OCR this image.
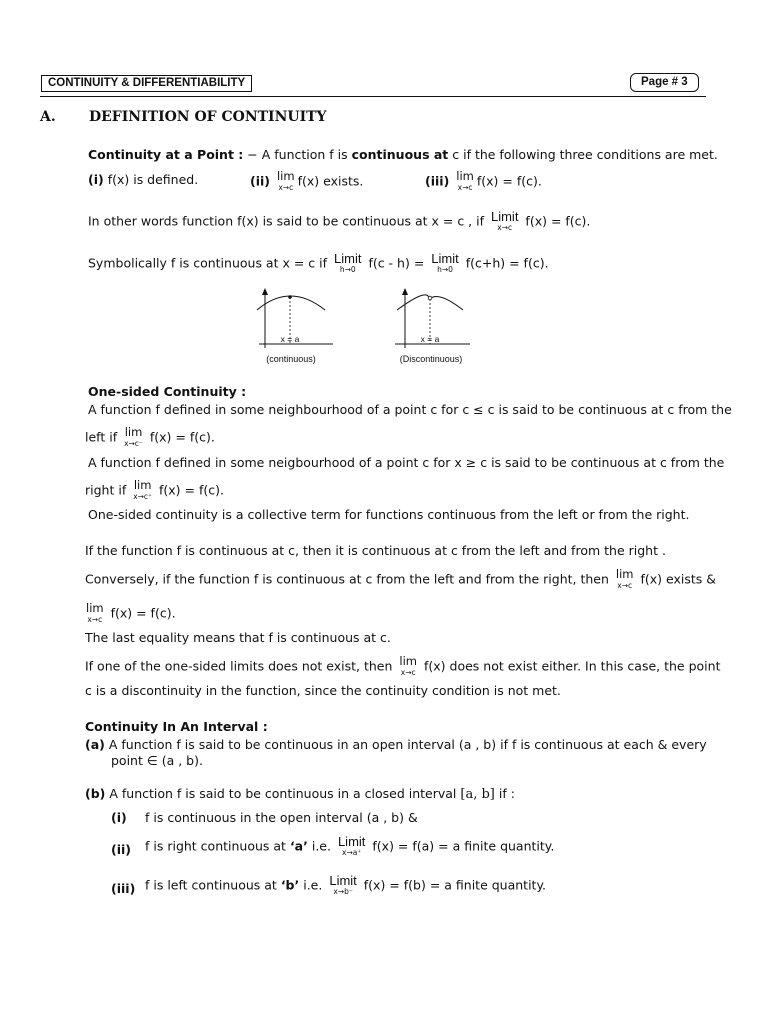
CONTINUITY & DIFFERENTIABILITY	Page # 3
A. DEFINITION OF CONTINUITY
Continuity at a Point : − A function f is continuous at c if the following three conditions are met.
(i) f(x) is defined.	(ii) lim
x→c f(x) exists.	(iii) lim
x→c f(x) = f(c).
In other words function f(x) is said to be continuous at x = c , if Limit
x→c	f(x) = f(c).
Symbolically f is continuous at x = c if Limit
h→0	f(c - h) = Limit
h→0	f(c+h) = f(c).
x = a
(continuous)
x = a
(Discontinuous)
One-sided Continuity :
A function f defined in some neighbourhood of a point c for c ≤ c is said to be continuous at c from the
left if lim
x→c⁻ f(x) = f(c).
A function f defined in some neigbourhood of a point c for x ≥ c is said to be continuous at c from the
right if lim
x→c⁺ f(x) = f(c).
One-sided continuity is a collective term for functions continuous from the left or from the right.
If the function f is continuous at c, then it is continuous at c from the left and from the right .
Conversely, if the function f is continuous at c from the left and from the right, then lim
x→c f(x) exists &
lim
x→c f(x) = f(c).
The last equality means that f is continuous at c.
If one of the one-sided limits does not exist, then lim
x→c f(x) does not exist either. In this case, the point
c is a discontinuity in the function, since the continuity condition is not met.
Continuity In An Interval :
(a) A function f is said to be continuous in an open interval (a , b) if f is continuous at each & every
point ∈ (a , b).
(b) A function f is said to be continuous in a closed interval [a, b] if :
(i) f is continuous in the open interval (a , b) &
(ii) f is right continuous at ‘a’ i.e. Limit
x→a⁺ f(x) = f(a) = a finite quantity.
(iii) f is left continuous at ‘b’ i.e. Limit
x→b⁻ f(x) = f(b) = a finite quantity.
